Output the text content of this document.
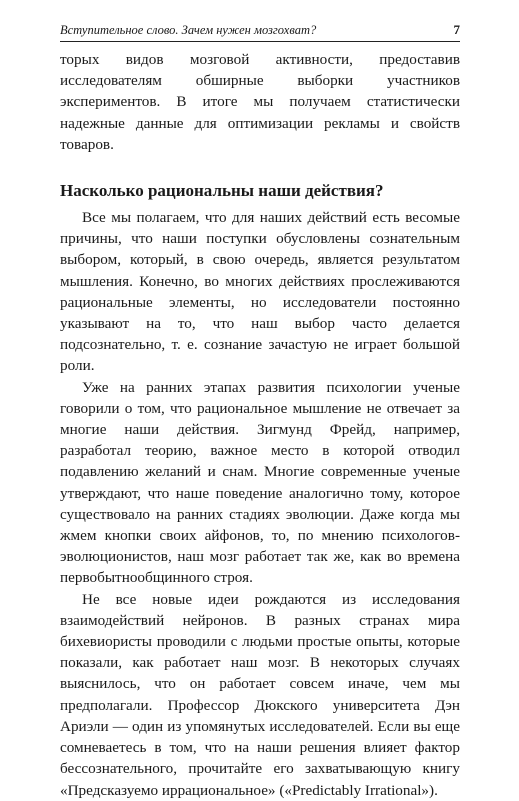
Вступительное слово. Зачем нужен мозгохват?	7

торых видов мозговой активности, предоставив исследователям обширные выборки участников экспериментов. В итоге мы получаем статистически надежные данные для оптимизации рекламы и свойств товаров.

Насколько рациональны наши действия?

Все мы полагаем, что для наших действий есть весомые причины, что наши поступки обусловлены сознательным выбором, который, в свою очередь, является результатом мышления. Конечно, во многих действиях прослеживаются рациональные элементы, но исследователи постоянно указывают на то, что наш выбор часто делается подсознательно, т. е. сознание зачастую не играет большой роли.

Уже на ранних этапах развития психологии ученые говорили о том, что рациональное мышление не отвечает за многие наши действия. Зигмунд Фрейд, например, разработал теорию, важное место в которой отводил подавлению желаний и снам. Многие современные ученые утверждают, что наше поведение аналогично тому, которое существовало на ранних стадиях эволюции. Даже когда мы жмем кнопки своих айфонов, то, по мнению психологов-эволюционистов, наш мозг работает так же, как во времена первобытнообщинного строя.

Не все новые идеи рождаются из исследования взаимодействий нейронов. В разных странах мира бихевиористы проводили с людьми простые опыты, которые показали, как работает наш мозг. В некоторых случаях выяснилось, что он работает совсем иначе, чем мы предполагали. Профессор Дюкского университета Дэн Ариэли — один из упомянутых исследователей. Если вы еще сомневаетесь в том, что на наши решения влияет фактор бессознательного, прочитайте его захватывающую книгу «Предсказуемо иррациональное» («Predictably Irrational»).
